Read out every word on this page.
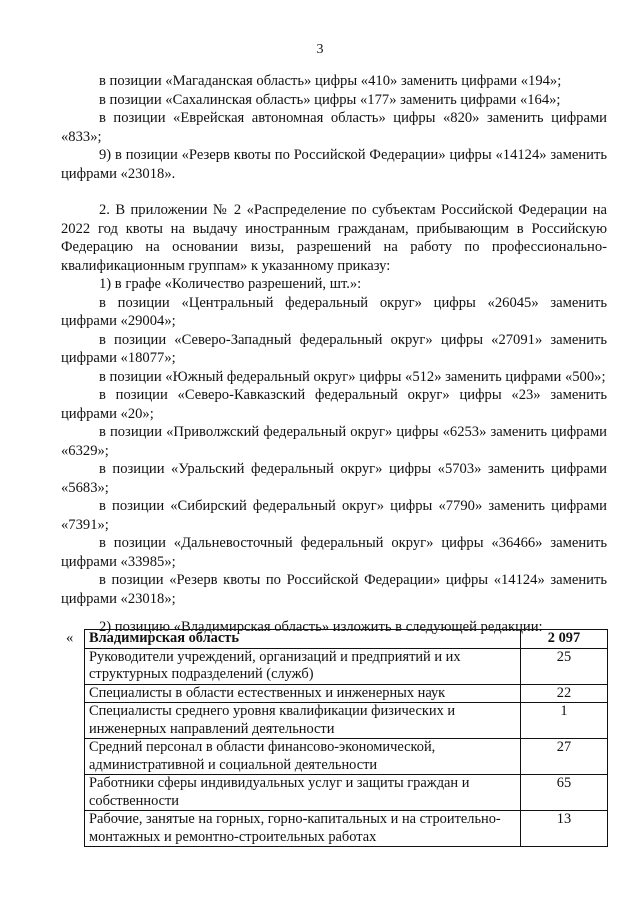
3

в позиции «Магаданская область» цифры «410» заменить цифрами «194»;

в позиции «Сахалинская область» цифры «177» заменить цифрами «164»;

в позиции «Еврейская автономная область» цифры «820» заменить цифрами «833»;

9) в позиции «Резерв квоты по Российской Федерации» цифры «14124» заменить цифрами «23018».

2. В приложении № 2 «Распределение по субъектам Российской Федерации на 2022 год квоты на выдачу иностранным гражданам, прибывающим в Российскую Федерацию на основании визы, разрешений на работу по профессионально-квалификационным группам» к указанному приказу:

1) в графе «Количество разрешений, шт.»:

в позиции «Центральный федеральный округ» цифры «26045» заменить цифрами «29004»;

в позиции «Северо-Западный федеральный округ» цифры «27091» заменить цифрами «18077»;

в позиции «Южный федеральный округ» цифры «512» заменить цифрами «500»;

в позиции «Северо-Кавказский федеральный округ» цифры «23» заменить цифрами «20»;

в позиции «Приволжский федеральный округ» цифры «6253» заменить цифрами «6329»;

в позиции «Уральский федеральный округ» цифры «5703» заменить цифрами «5683»;

в позиции «Сибирский федеральный округ» цифры «7790» заменить цифрами «7391»;

в позиции «Дальневосточный федеральный округ» цифры «36466» заменить цифрами «33985»;

в позиции «Резерв квоты по Российской Федерации» цифры «14124» заменить цифрами «23018»;

2) позицию «Владимирская область» изложить в следующей редакции:

« Владимирская область	2 097
Руководители учреждений, организаций и предприятий и их структурных подразделений (служб)	25
Специалисты в области естественных и инженерных наук	22
Специалисты среднего уровня квалификации физических и инженерных направлений деятельности	1
Средний персонал в области финансово-экономической, административной и социальной деятельности	27
Работники сферы индивидуальных услуг и защиты граждан и собственности	65
Рабочие, занятые на горных, горно-капитальных и на строительно-монтажных и ремонтно-строительных работах	13
